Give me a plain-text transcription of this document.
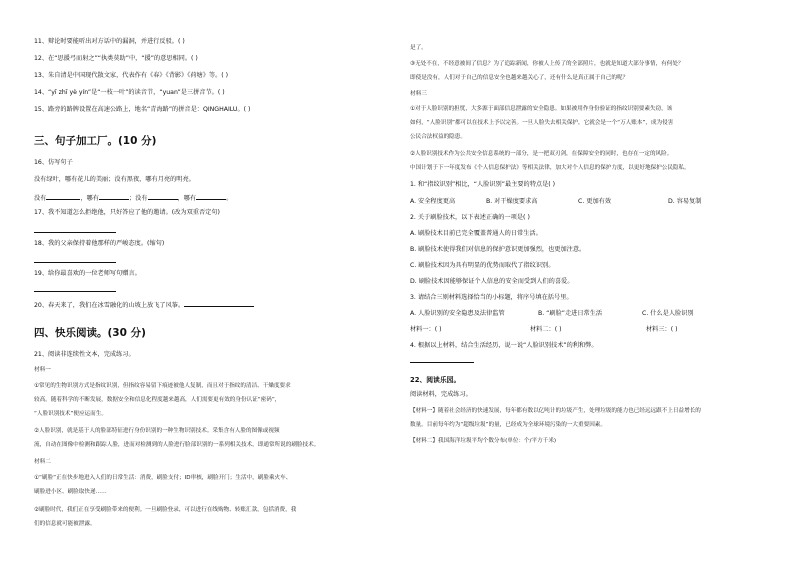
11、辩论时要能听出对方话中的漏洞，并进行反驳。( )
12、在“思援弓而射之”“执类莫助”中，“援”的意思相同。( )
13、朱自清是中国现代散文家，代表作有《春》《背影》《荷塘》等。( )
14、“yī zhī yè yín”是“一枝一叶”的读音节，“yuan”是三拼音节。( )
15、路旁的路牌设置在高速公路上，地名“青海路”的拼音是：QINGHAILU。( )
三、句子加工厂。(10 分)
16、仿写句子
没有绿叶，哪有花儿的美丽；没有黑夜，哪有月亮的明亮。
没有	，哪有	；没有	，哪有	。
17、我不知道怎么拒绝他，只好答应了他的邀请。(改为双重否定句)
18、我的父亲保持着他那样的严峻态度。(缩句)
19、给你最喜欢的一位老师写句赠言。
20、春天来了，我们在冰雪融化的山坡上放飞了风筝。
四、快乐阅读。(30 分)
21、阅读非连续性文本，完成练习。
材料一
①常见的生物识别方式是指纹识别，但指纹容易留下痕迹被他人复制，而且对于指纹的清洁、干燥度要求
较高。随着科学的不断发展，数据安全和信息化程度越来越高，人们需要更有效的身份认证“密码”，
“人脸识别技术”便应运而生。
②人脸识别，就是基于人的脸部特征进行身份识别的一种生物识别技术。采集含有人脸的图像或视频
流，自动在图像中检测和跟踪人脸，进而对检测到的人脸进行脸部识别的一系列相关技术，即通常所说的刷脸技术。
材料二
①“刷脸”正在快步地进入人们的日常生活：消费，刷脸支付；ID审核，刷脸开门；生活中，刷脸乘火车、
刷脸进小区、刷脸取快递……
②刷脸时代，我们正在享受刷脸带来的便利。一旦刷脸登录，可以进行在线购物、转账汇款，包括消费，我
们的信息就可能被泄露。
是了。
③无处不在，不经意被间了信息？为了追踪新闻，你被人上传了的全部照片，也就是知道大部分事情，有何处？
即使是没有，人们对于自己的信息安全也越来越关心了，还有什么是真正属于自己的呢？
材料三
①对于人脸识别的担忧，大多源于面部信息泄露的安全隐患。如果被用作身份验证的指纹识别要素失窃，该
如何，“人脸识别”都可以在技术上予以完善。一旦人脸失去相关保护，它就会是一个“万人账本”，成为侵害
公民合法权益的隐患。
②人脸识别技术作为公共安全信息系统的一部分，是一把双刃剑，在保障安全的同时，也存在一定的风险。
中国计划于下一年度发布《个人信息保护法》等相关法律，加大对个人信息的保护力度，以更好地保护公民隐私。
1. 和“指纹识别”相比，“人脸识别”最主要的特点是( )
A. 安全程度更高	B. 对干燥度要求高	C. 更加有效	D. 容易复制
2. 关于刷脸技术，以下表述正确的一项是( )
A. 刷脸技术目前已完全覆盖普通人的日常生活。
B. 刷脸技术使得我们对信息的保护意识更加强烈，也更加注意。
C. 刷脸技术因为具有明显的优势而取代了指纹识别。
D. 刷脸技术因能够保证个人信息的安全而受到人们的喜爱。
3. 请结合三则材料选择恰当的小标题，将序号填在括号里。
A. 人脸识别的安全隐患及法律监管	B. “刷脸”走进日常生活	C. 什么是人脸识别
材料一：( )	材料二：( )	材料三：( )
4. 根据以上材料，结合生活经历，说一说“人脸识别技术”的利和弊。
22、阅读乐园。
阅读材料，完成练习。
【材料一】随着社会经济的快速发展，每年都有数以亿吨计的垃圾产生，处理垃圾的能力也已经远远跟不上日益增长的
数量。目前每年约为“超级垃圾”的量，已经成为全球环境污染的一大重要因素。
【材料二】我国海洋垃圾平均个数分布(单位：个/平方千米)
